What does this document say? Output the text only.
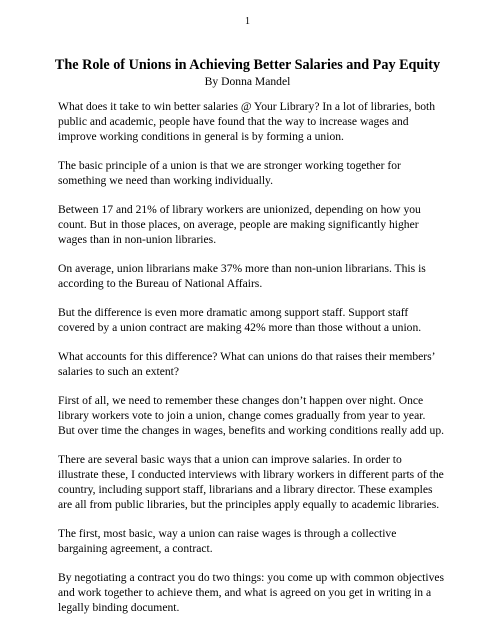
1
The Role of Unions in Achieving Better Salaries and Pay Equity
By Donna Mandel

What does it take to win better salaries @ Your Library? In a lot of libraries, both
public and academic, people have found that the way to increase wages and
improve working conditions in general is by forming a union.

The basic principle of a union is that we are stronger working together for
something we need than working individually.

Between 17 and 21% of library workers are unionized, depending on how you
count. But in those places, on average, people are making significantly higher
wages than in non-union libraries.

On average, union librarians make 37% more than non-union librarians. This is
according to the Bureau of National Affairs.

But the difference is even more dramatic among support staff. Support staff
covered by a union contract are making 42% more than those without a union.

What accounts for this difference? What can unions do that raises their members’
salaries to such an extent?

First of all, we need to remember these changes don’t happen over night. Once
library workers vote to join a union, change comes gradually from year to year.
But over time the changes in wages, benefits and working conditions really add up.

There are several basic ways that a union can improve salaries. In order to
illustrate these, I conducted interviews with library workers in different parts of the
country, including support staff, librarians and a library director. These examples
are all from public libraries, but the principles apply equally to academic libraries.

The first, most basic, way a union can raise wages is through a collective
bargaining agreement, a contract.

By negotiating a contract you do two things: you come up with common objectives
and work together to achieve them, and what is agreed on you get in writing in a
legally binding document.
